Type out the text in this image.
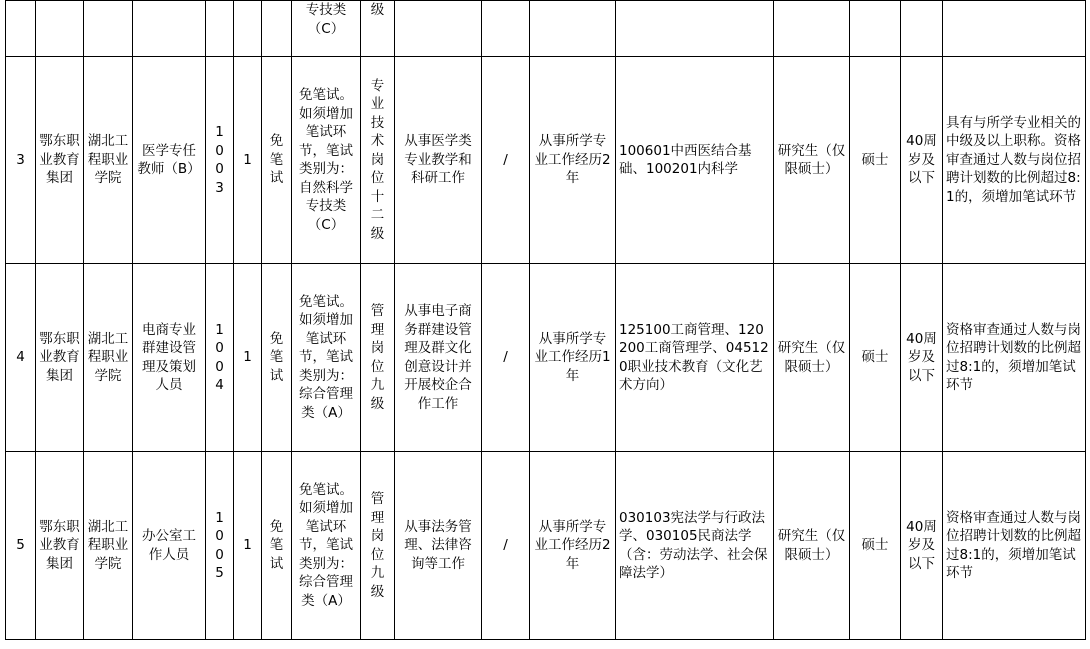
							专技类（C）	级								
3	鄂东职业教育集团	湖北工程职业学院	医学专任教师（B）	1003	1	免笔试	免笔试。如须增加笔试环节，笔试类别为：自然科学专技类（C）	专业技术岗位十二级	从事医学类专业教学和科研工作	/	从事所学专业工作经历2年	100601中西医结合基础、100201内科学	研究生（仅限硕士）	硕士	40周岁及以下	具有与所学专业相关的中级及以上职称。资格审查通过人数与岗位招聘计划数的比例超过8:1的，须增加笔试环节
4	鄂东职业教育集团	湖北工程职业学院	电商专业群建设管理及策划人员	1004	1	免笔试	免笔试。如须增加笔试环节，笔试类别为：综合管理类（A）	管理岗位九级	从事电子商务群建设管理及群文化创意设计并开展校企合作工作	/	从事所学专业工作经历1年	125100工商管理、120200工商管理学、045120职业技术教育（文化艺术方向）	研究生（仅限硕士）	硕士	40周岁及以下	资格审查通过人数与岗位招聘计划数的比例超过8:1的，须增加笔试环节
5	鄂东职业教育集团	湖北工程职业学院	办公室工作人员	1005	1	免笔试	免笔试。如须增加笔试环节，笔试类别为：综合管理类（A）	管理岗位九级	从事法务管理、法律咨询等工作	/	从事所学专业工作经历2年	030103宪法学与行政法学、030105民商法学（含：劳动法学、社会保障法学）	研究生（仅限硕士）	硕士	40周岁及以下	资格审查通过人数与岗位招聘计划数的比例超过8:1的，须增加笔试环节
